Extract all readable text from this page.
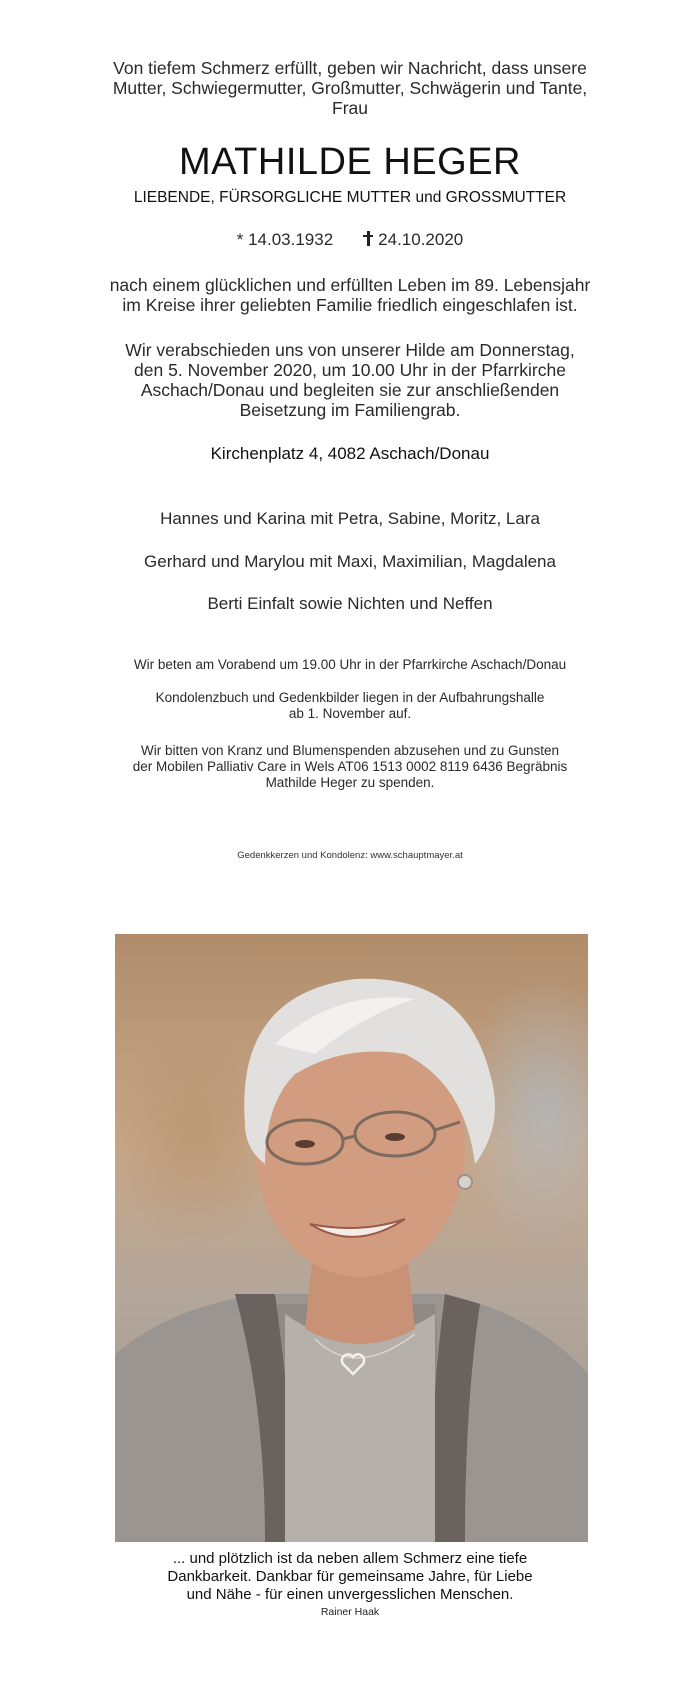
Von tiefem Schmerz erfüllt, geben wir Nachricht, dass unsere
Mutter, Schwiegermutter, Großmutter, Schwägerin und Tante,
Frau
MATHILDE HEGER
LIEBENDE, FÜRSORGLICHE MUTTER und GROSSMUTTER
* 14.03.1932	24.10.2020
nach einem glücklichen und erfüllten Leben im 89. Lebensjahr
im Kreise ihrer geliebten Familie friedlich eingeschlafen ist.
Wir verabschieden uns von unserer Hilde am Donnerstag,
den 5. November 2020, um 10.00 Uhr in der Pfarrkirche
Aschach/Donau und begleiten sie zur anschließenden
Beisetzung im Familiengrab.
Kirchenplatz 4, 4082 Aschach/Donau
Hannes und Karina mit Petra, Sabine, Moritz, Lara
Gerhard und Marylou mit Maxi, Maximilian, Magdalena
Berti Einfalt sowie Nichten und Neffen
Wir beten am Vorabend um 19.00 Uhr in der Pfarrkirche Aschach/Donau
Kondolenzbuch und Gedenkbilder liegen in der Aufbahrungshalle
ab 1. November auf.
Wir bitten von Kranz und Blumenspenden abzusehen und zu Gunsten
der Mobilen Palliativ Care in Wels AT06 1513 0002 8119 6436 Begräbnis
Mathilde Heger zu spenden.
Gedenkkerzen und Kondolenz: www.schauptmayer.at
... und plötzlich ist da neben allem Schmerz eine tiefe
Dankbarkeit. Dankbar für gemeinsame Jahre, für Liebe
und Nähe - für einen unvergesslichen Menschen.
Rainer Haak
